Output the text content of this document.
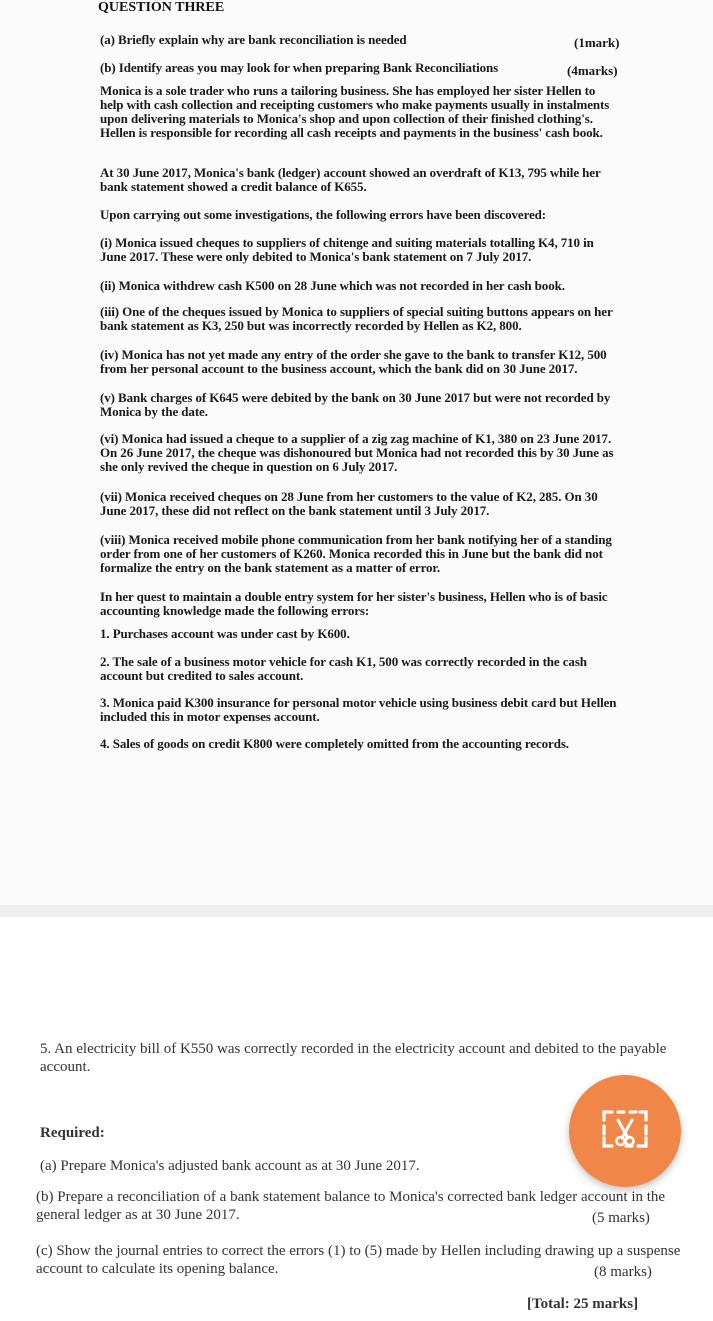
QUESTION THREE
(a) Briefly explain why are bank reconciliation is needed	(1mark)
(b) Identify areas you may look for when preparing Bank Reconciliations	(4marks)
Monica is a sole trader who runs a tailoring business. She has employed her sister Hellen to help with cash collection and receipting customers who make payments usually in instalments upon delivering materials to Monica's shop and upon collection of their finished clothing's. Hellen is responsible for recording all cash receipts and payments in the business' cash book.
At 30 June 2017, Monica's bank (ledger) account showed an overdraft of K13, 795 while her bank statement showed a credit balance of K655.
Upon carrying out some investigations, the following errors have been discovered:
(i) Monica issued cheques to suppliers of chitenge and suiting materials totalling K4, 710 in June 2017. These were only debited to Monica's bank statement on 7 July 2017.
(ii) Monica withdrew cash K500 on 28 June which was not recorded in her cash book.
(iii) One of the cheques issued by Monica to suppliers of special suiting buttons appears on her bank statement as K3, 250 but was incorrectly recorded by Hellen as K2, 800.
(iv) Monica has not yet made any entry of the order she gave to the bank to transfer K12, 500 from her personal account to the business account, which the bank did on 30 June 2017.
(v) Bank charges of K645 were debited by the bank on 30 June 2017 but were not recorded by Monica by the date.
(vi) Monica had issued a cheque to a supplier of a zig zag machine of K1, 380 on 23 June 2017. On 26 June 2017, the cheque was dishonoured but Monica had not recorded this by 30 June as she only revived the cheque in question on 6 July 2017.
(vii) Monica received cheques on 28 June from her customers to the value of K2, 285. On 30 June 2017, these did not reflect on the bank statement until 3 July 2017.
(viii) Monica received mobile phone communication from her bank notifying her of a standing order from one of her customers of K260. Monica recorded this in June but the bank did not formalize the entry on the bank statement as a matter of error.
In her quest to maintain a double entry system for her sister's business, Hellen who is of basic accounting knowledge made the following errors:
1. Purchases account was under cast by K600.
2. The sale of a business motor vehicle for cash K1, 500 was correctly recorded in the cash account but credited to sales account.
3. Monica paid K300 insurance for personal motor vehicle using business debit card but Hellen included this in motor expenses account.
4. Sales of goods on credit K800 were completely omitted from the accounting records.
5. An electricity bill of K550 was correctly recorded in the electricity account and debited to the payable account.
Required:
(a) Prepare Monica's adjusted bank account as at 30 June 2017.
(b) Prepare a reconciliation of a bank statement balance to Monica's corrected bank ledger account in the general ledger as at 30 June 2017.	(5 marks)
(c) Show the journal entries to correct the errors (1) to (5) made by Hellen including drawing up a suspense account to calculate its opening balance.	(8 marks)
[Total: 25 marks]
